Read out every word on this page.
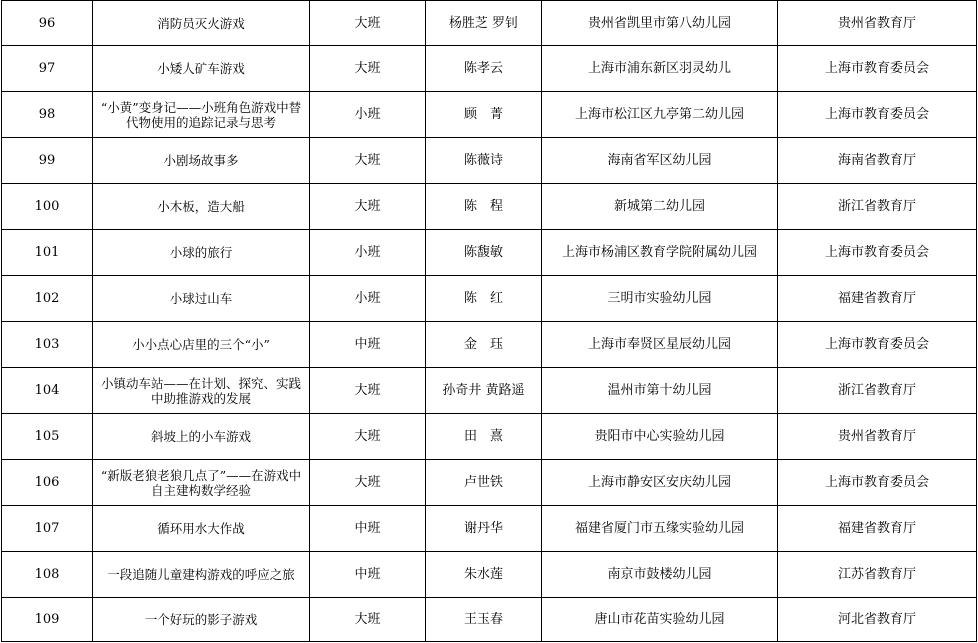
96	消防员灭火游戏	大班	杨胜芝 罗钊	贵州省凯里市第八幼儿园	贵州省教育厅
97	小矮人矿车游戏	大班	陈孝云	上海市浦东新区羽灵幼儿	上海市教育委员会
98	“小黄”变身记——小班角色游戏中替代物使用的追踪记录与思考	小班	顾　菁	上海市松江区九亭第二幼儿园	上海市教育委员会
99	小剧场故事多	大班	陈薇诗	海南省军区幼儿园	海南省教育厅
100	小木板，造大船	大班	陈　程	新城第二幼儿园	浙江省教育厅
101	小球的旅行	小班	陈馥敏	上海市杨浦区教育学院附属幼儿园	上海市教育委员会
102	小球过山车	小班	陈　红	三明市实验幼儿园	福建省教育厅
103	小小点心店里的三个“小”	中班	金　珏	上海市奉贤区星辰幼儿园	上海市教育委员会
104	小镇动车站——在计划、探究、实践中助推游戏的发展	大班	孙奇井 黄路遥	温州市第十幼儿园	浙江省教育厅
105	斜坡上的小车游戏	大班	田　熹	贵阳市中心实验幼儿园	贵州省教育厅
106	“新版老狼老狼几点了”——在游戏中自主建构数学经验	大班	卢世铁	上海市静安区安庆幼儿园	上海市教育委员会
107	循环用水大作战	中班	谢丹华	福建省厦门市五缘实验幼儿园	福建省教育厅
108	一段追随儿童建构游戏的呼应之旅	中班	朱水莲	南京市鼓楼幼儿园	江苏省教育厅
109	一个好玩的影子游戏	大班	王玉春	唐山市花苗实验幼儿园	河北省教育厅
